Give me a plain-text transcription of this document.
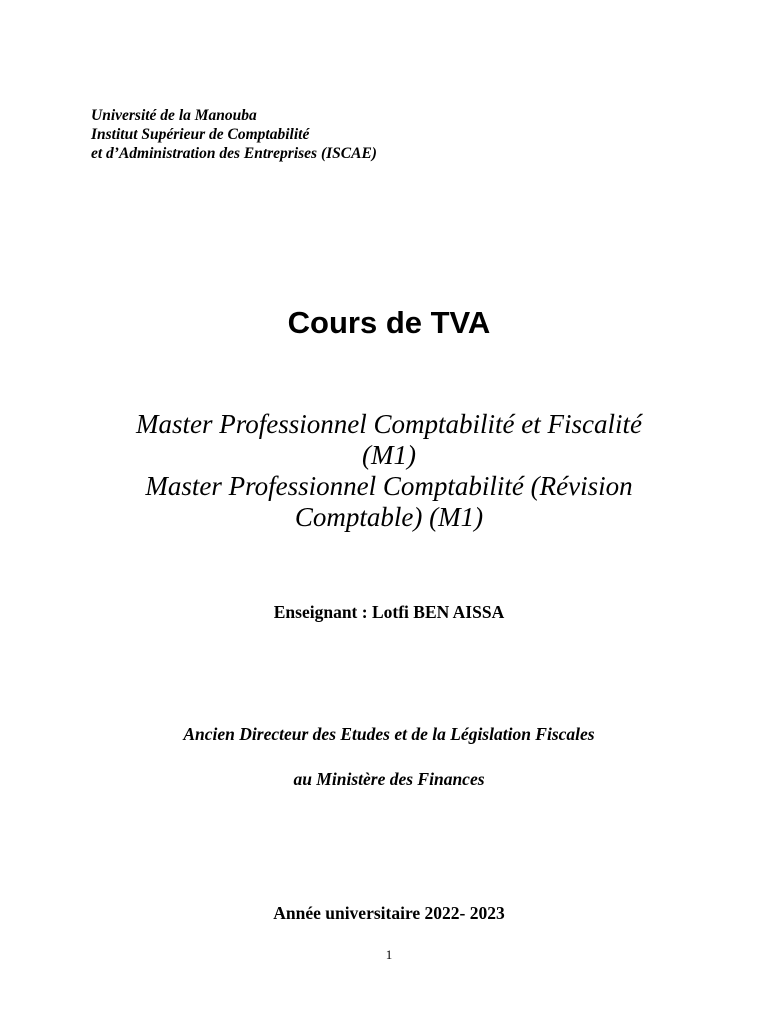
Université de la Manouba
Institut Supérieur de Comptabilité
et d’Administration des Entreprises (ISCAE)
Cours de TVA
Master Professionnel Comptabilité et Fiscalité
(M1)
Master Professionnel Comptabilité (Révision
Comptable) (M1)
Enseignant : Lotfi BEN AISSA
Ancien Directeur des Etudes et de la Législation Fiscales
au Ministère des Finances
Année universitaire 2022- 2023
1
